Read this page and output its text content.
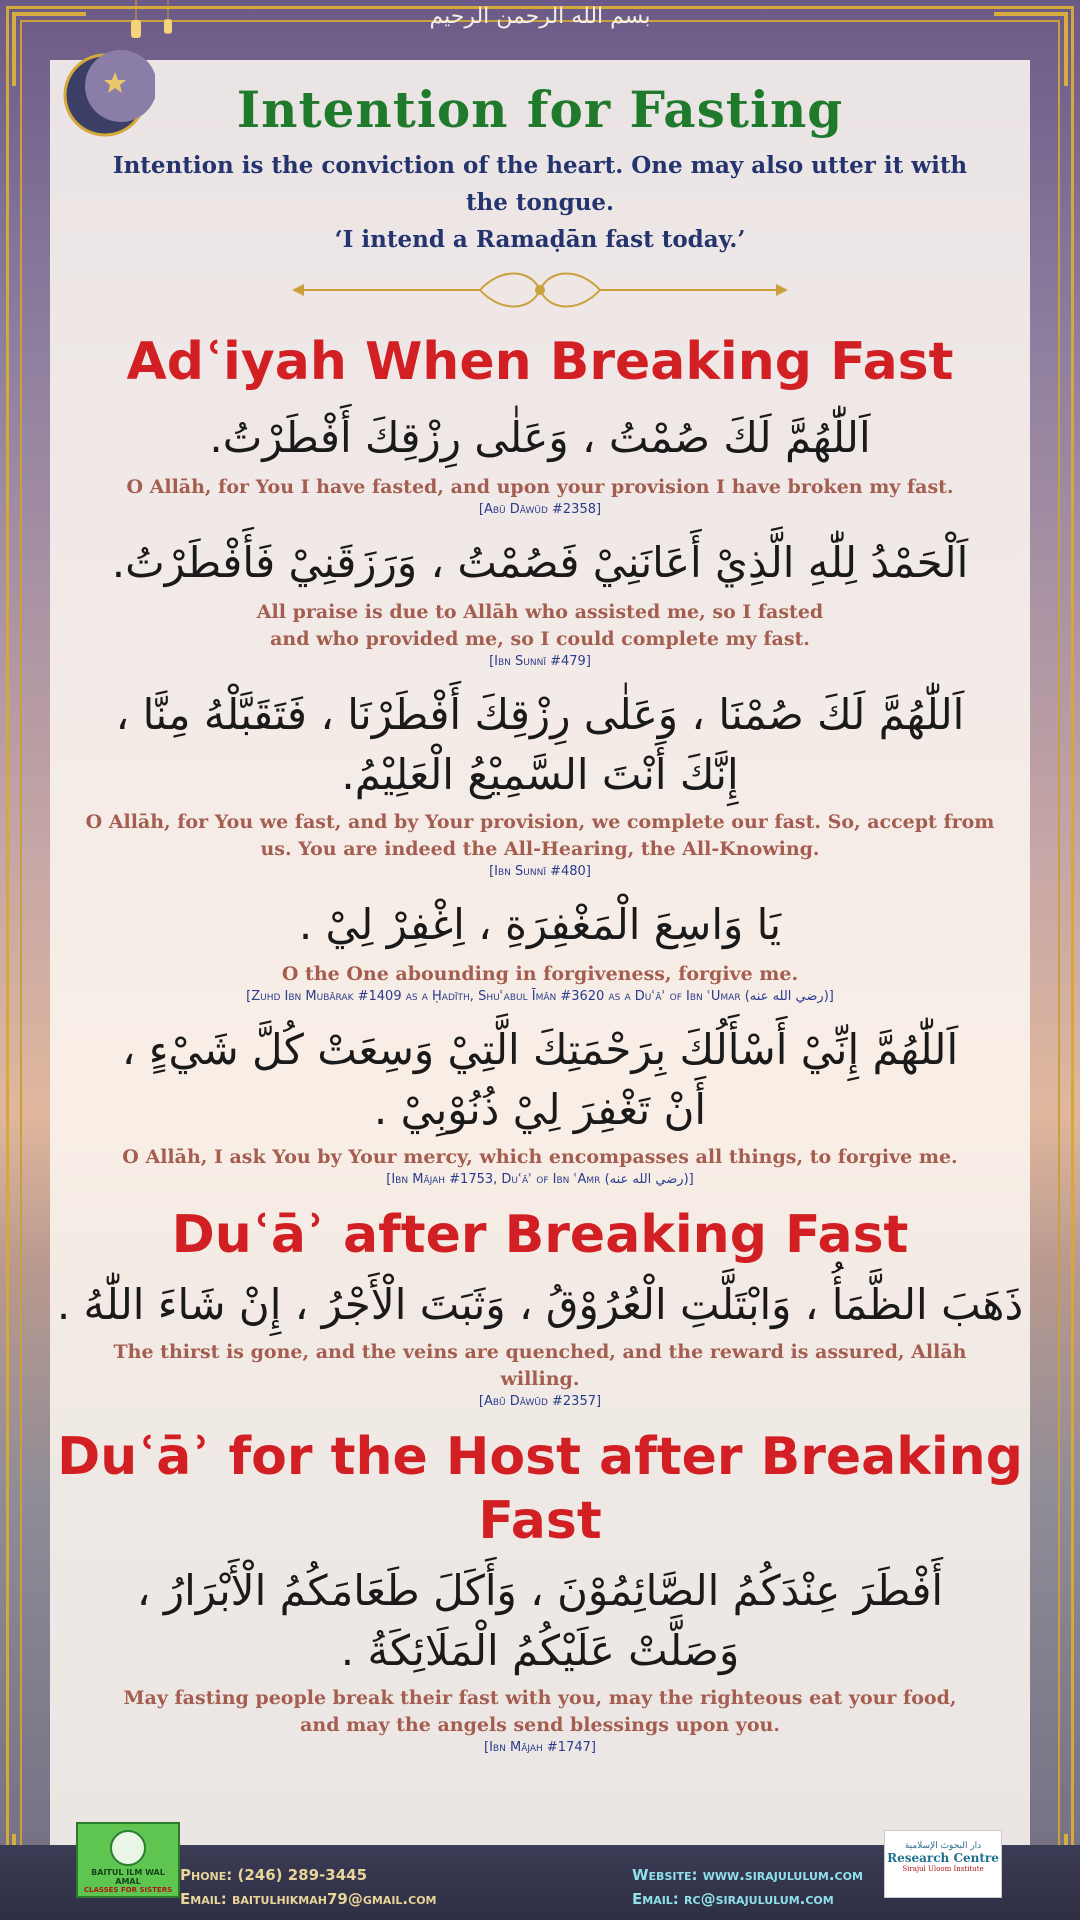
بسم الله الرحمن الرحيم
Intention for Fasting
Intention is the conviction of the heart. One may also utter it with the tongue.
‘I intend a Ramaḍān fast today.’
Adʿiyah When Breaking Fast

اَللّٰهُمَّ لَكَ صُمْتُ ، وَعَلٰى رِزْقِكَ أَفْطَرْتُ.

O Allāh, for You I have fasted, and upon your provision I have broken my fast.

[Abū Dāwūd #2358]

اَلْحَمْدُ لِلّٰهِ الَّذِيْ أَعَانَنِيْ فَصُمْتُ ، وَرَزَقَنِيْ فَأَفْطَرْتُ.

All praise is due to Allāh who assisted me, so I fasted

and who provided me, so I could complete my fast.

[Ibn Sunnī #479]

اَللّٰهُمَّ لَكَ صُمْنَا ، وَعَلٰى رِزْقِكَ أَفْطَرْنَا ، فَتَقَبَّلْهُ مِنَّا ،

إِنَّكَ أَنْتَ السَّمِيْعُ الْعَلِيْمُ.

O Allāh, for You we fast, and by Your provision, we complete our fast. So, accept from

us. You are indeed the All-Hearing, the All-Knowing.

[Ibn Sunnī #480]

يَا وَاسِعَ الْمَغْفِرَةِ ، اِغْفِرْ لِيْ .

O the One abounding in forgiveness, forgive me.

[Zuhd Ibn Mubārak #1409 as a Ḥadīth, Shuʿabul Īmān #3620 as a Duʿāʾ of Ibn ʿUmar (رضي الله عنه)]

اَللّٰهُمَّ إِنِّيْ أَسْأَلُكَ بِرَحْمَتِكَ الَّتِيْ وَسِعَتْ كُلَّ شَيْءٍ ،

أَنْ تَغْفِرَ لِيْ ذُنُوْبِيْ .

O Allāh, I ask You by Your mercy, which encompasses all things, to forgive me.

[Ibn Mājah #1753, Duʿāʾ of Ibn ʿAmr (رضي الله عنه)]

Duʿāʾ after Breaking Fast

ذَهَبَ الظَّمَأُ ، وَابْتَلَّتِ الْعُرُوْقُ ، وَثَبَتَ الْأَجْرُ ، إِنْ شَاءَ اللّٰهُ .

The thirst is gone, and the veins are quenched, and the reward is assured, Allāh willing.

[Abū Dāwūd #2357]

Duʿāʾ for the Host after Breaking Fast

أَفْطَرَ عِنْدَكُمُ الصَّائِمُوْنَ ، وَأَكَلَ طَعَامَكُمُ الْأَبْرَارُ ،

وَصَلَّتْ عَلَيْكُمُ الْمَلَائِكَةُ .

May fasting people break their fast with you, may the righteous eat your food,

and may the angels send blessings upon you.

[Ibn Mājah #1747]

Phone: (246) 289-3445
Email: baitulhikmah79@gmail.com
Website: www.sirajululum.com
Email: rc@sirajululum.com
BAITUL ILM WAL AMAL
CLASSES FOR SISTERS
دار البحوث الإسلامية
Research Centre
Sirajul Uloom Institute
